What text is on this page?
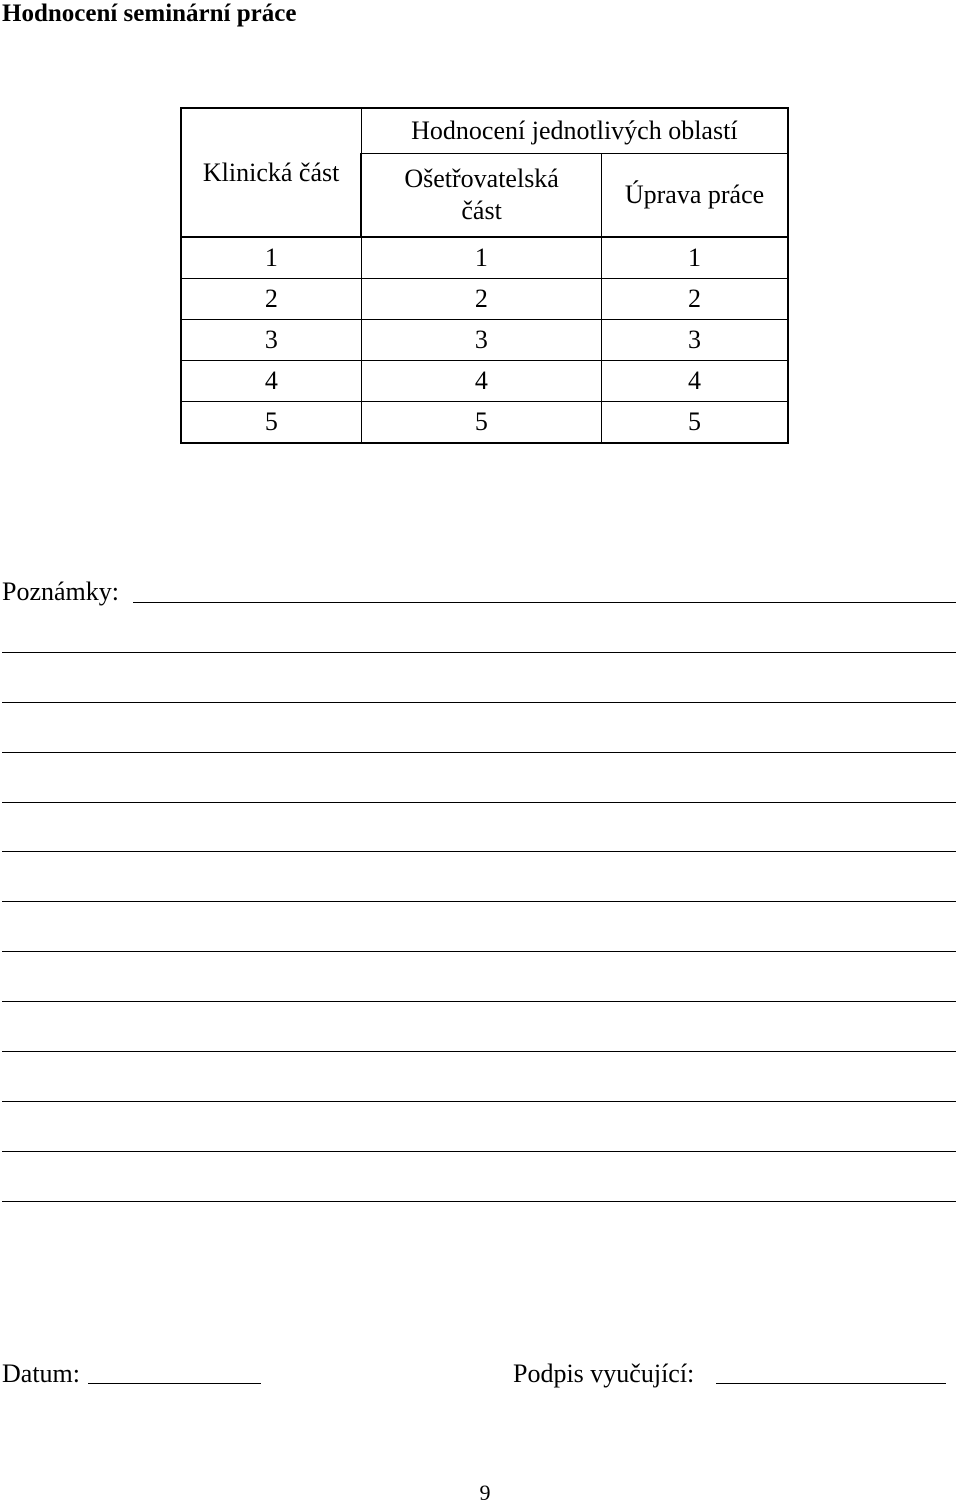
Hodnocení seminární práce
Klinická část	Hodnocení jednotlivých oblastí	
	Ošetřovatelská část	Úprava práce
1	1	1
2	2	2
3	3	3
4	4	4
5	5	5
Poznámky:
Datum:	Podpis vyučující:
9
